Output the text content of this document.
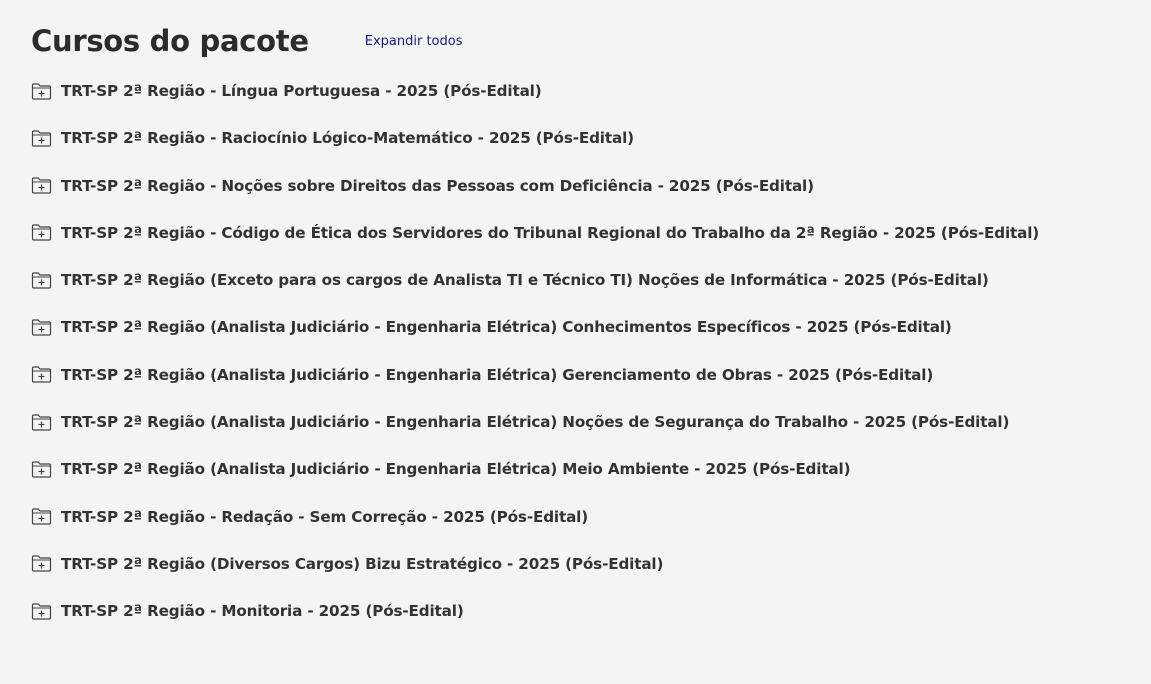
Cursos do pacote	Expandir todos
TRT-SP 2ª Região - Língua Portuguesa - 2025 (Pós-Edital)
TRT-SP 2ª Região - Raciocínio Lógico-Matemático - 2025 (Pós-Edital)
TRT-SP 2ª Região - Noções sobre Direitos das Pessoas com Deficiência - 2025 (Pós-Edital)
TRT-SP 2ª Região - Código de Ética dos Servidores do Tribunal Regional do Trabalho da 2ª Região - 2025 (Pós-Edital)
TRT-SP 2ª Região (Exceto para os cargos de Analista TI e Técnico TI) Noções de Informática - 2025 (Pós-Edital)
TRT-SP 2ª Região (Analista Judiciário - Engenharia Elétrica) Conhecimentos Específicos - 2025 (Pós-Edital)
TRT-SP 2ª Região (Analista Judiciário - Engenharia Elétrica) Gerenciamento de Obras - 2025 (Pós-Edital)
TRT-SP 2ª Região (Analista Judiciário - Engenharia Elétrica) Noções de Segurança do Trabalho - 2025 (Pós-Edital)
TRT-SP 2ª Região (Analista Judiciário - Engenharia Elétrica) Meio Ambiente - 2025 (Pós-Edital)
TRT-SP 2ª Região - Redação - Sem Correção - 2025 (Pós-Edital)
TRT-SP 2ª Região (Diversos Cargos) Bizu Estratégico - 2025 (Pós-Edital)
TRT-SP 2ª Região - Monitoria - 2025 (Pós-Edital)
